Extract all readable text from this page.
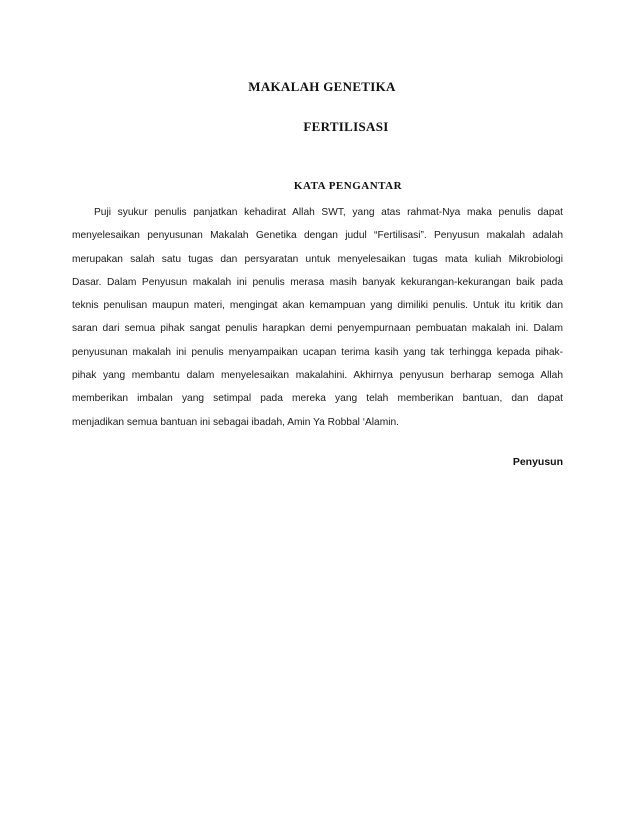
MAKALAH GENETIKA
FERTILISASI
KATA PENGANTAR
Puji syukur penulis panjatkan kehadirat Allah SWT, yang atas rahmat-Nya maka penulis dapat
menyelesaikan penyusunan Makalah Genetika dengan judul “Fertilisasi”. Penyusun makalah adalah
merupakan salah satu tugas dan persyaratan untuk menyelesaikan tugas mata kuliah Mikrobiologi
Dasar. Dalam Penyusun makalah ini penulis merasa masih banyak kekurangan-kekurangan baik pada
teknis penulisan maupun materi, mengingat akan kemampuan yang dimiliki penulis. Untuk itu kritik dan
saran dari semua pihak sangat penulis harapkan demi penyempurnaan pembuatan makalah ini. Dalam
penyusunan makalah ini penulis menyampaikan ucapan terima kasih yang tak terhingga kepada pihak-
pihak yang membantu dalam menyelesaikan makalahini. Akhirnya penyusun berharap semoga Allah
memberikan imbalan yang setimpal pada mereka yang telah memberikan bantuan, dan dapat
menjadikan semua bantuan ini sebagai ibadah, Amin Ya Robbal ‘Alamin.
Penyusun
